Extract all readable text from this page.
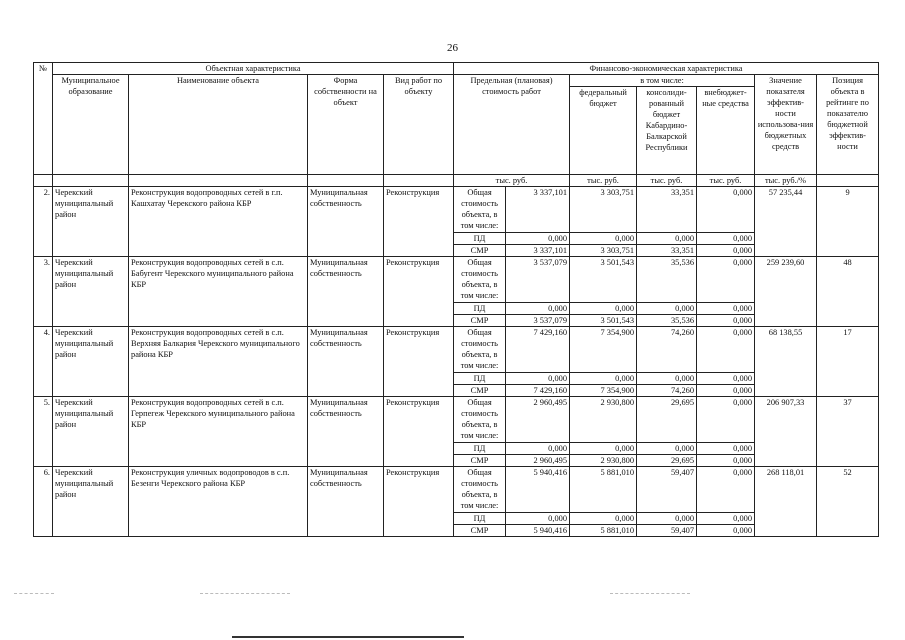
26
№	Объектная характеристика				Финансово-экономическая характеристика						
	Муниципальное образование	Наименование объекта	Форма собственности на объект	Вид работ по объекту	Предельная (плановая) стоимость работ		в том числе:			Значение показателя эффектив-ности использова-ния бюджетных средств	Позиция объекта в рейтинге по показателю бюджетной эффектив-ности
							федеральный бюджет	консолиди-рованный бюджет Кабардино-Балкарской Республики	внебюджет-ные средства		
					тыс. руб.		тыс. руб.	тыс. руб.	тыс. руб.	тыс. руб./%	
2.	Черекский муниципальный район	Реконструкция водопроводных сетей в г.п. Кашхатау Черекского района КБР	Муниципальная собственность	Реконструкция	Общая стоимость объекта, в том числе:	3 337,101	3 303,751	33,351	0,000	57 235,44	9
					ПД	0,000	0,000	0,000	0,000		
					СМР	3 337,101	3 303,751	33,351	0,000		
3.	Черекский муниципальный район	Реконструкция водопроводных сетей в с.п. Бабугент Черекского муниципального района КБР	Муниципальная собственность	Реконструкция	Общая стоимость объекта, в том числе:	3 537,079	3 501,543	35,536	0,000	259 239,60	48
					ПД	0,000	0,000	0,000	0,000		
					СМР	3 537,079	3 501,543	35,536	0,000		
4.	Черекский муниципальный район	Реконструкция водопроводных сетей в с.п. Верхняя Балкария Черекского муниципального района КБР	Муниципальная собственность	Реконструкция	Общая стоимость объекта, в том числе:	7 429,160	7 354,900	74,260	0,000	68 138,55	17
					ПД	0,000	0,000	0,000	0,000		
					СМР	7 429,160	7 354,900	74,260	0,000		
5.	Черекский муниципальный район	Реконструкция водопроводных сетей в с.п. Герпегеж Черекского муниципального района КБР	Муниципальная собственность	Реконструкция	Общая стоимость объекта, в том числе:	2 960,495	2 930,800	29,695	0,000	206 907,33	37
					ПД	0,000	0,000	0,000	0,000		
					СМР	2 960,495	2 930,800	29,695	0,000		
6.	Черекский муниципальный район	Реконструкция уличных водопроводов в с.п. Безенги Черекского района КБР	Муниципальная собственность	Реконструкция	Общая стоимость объекта, в том числе:	5 940,416	5 881,010	59,407	0,000	268 118,01	52
					ПД	0,000	0,000	0,000	0,000		
					СМР	5 940,416	5 881,010	59,407	0,000		
